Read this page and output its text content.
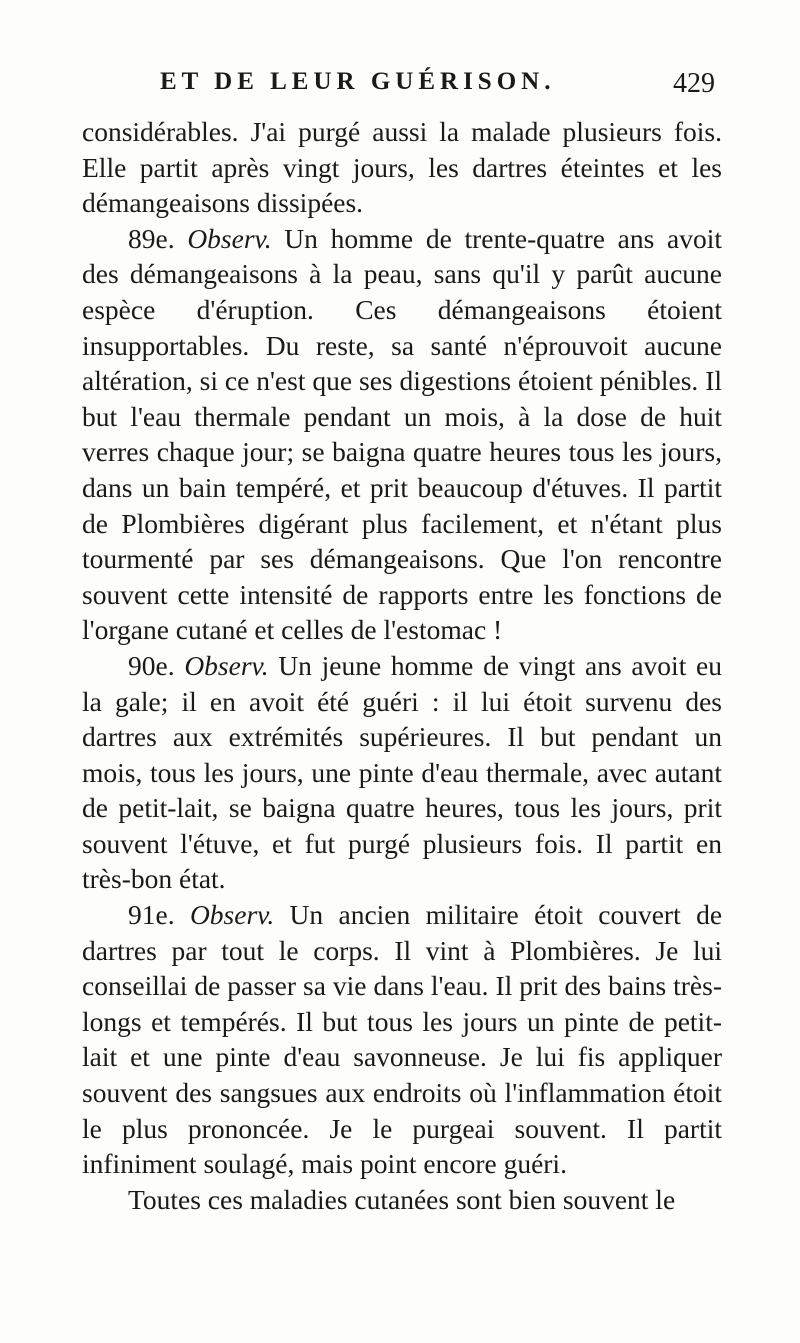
ET DE LEUR GUÉRISON.	429

considérables. J'ai purgé aussi la malade plusieurs fois. Elle partit après vingt jours, les dartres éteintes et les démangeaisons dissipées.

89e. Observ. Un homme de trente-quatre ans avoit des démangeaisons à la peau, sans qu'il y parût aucune espèce d'éruption. Ces démangeaisons étoient insupportables. Du reste, sa santé n'éprouvoit aucune altération, si ce n'est que ses digestions étoient pénibles. Il but l'eau thermale pendant un mois, à la dose de huit verres chaque jour; se baigna quatre heures tous les jours, dans un bain tempéré, et prit beaucoup d'étuves. Il partit de Plombières digérant plus facilement, et n'étant plus tourmenté par ses démangeaisons. Que l'on rencontre souvent cette intensité de rapports entre les fonctions de l'organe cutané et celles de l'estomac !

90e. Observ. Un jeune homme de vingt ans avoit eu la gale; il en avoit été guéri : il lui étoit survenu des dartres aux extrémités supérieures. Il but pendant un mois, tous les jours, une pinte d'eau thermale, avec autant de petit-lait, se baigna quatre heures, tous les jours, prit souvent l'étuve, et fut purgé plusieurs fois. Il partit en très-bon état.

91e. Observ. Un ancien militaire étoit couvert de dartres par tout le corps. Il vint à Plombières. Je lui conseillai de passer sa vie dans l'eau. Il prit des bains très-longs et tempérés. Il but tous les jours un pinte de petit-lait et une pinte d'eau savonneuse. Je lui fis appliquer souvent des sangsues aux endroits où l'inflammation étoit le plus prononcée. Je le purgeai souvent. Il partit infiniment soulagé, mais point encore guéri.

Toutes ces maladies cutanées sont bien souvent le
